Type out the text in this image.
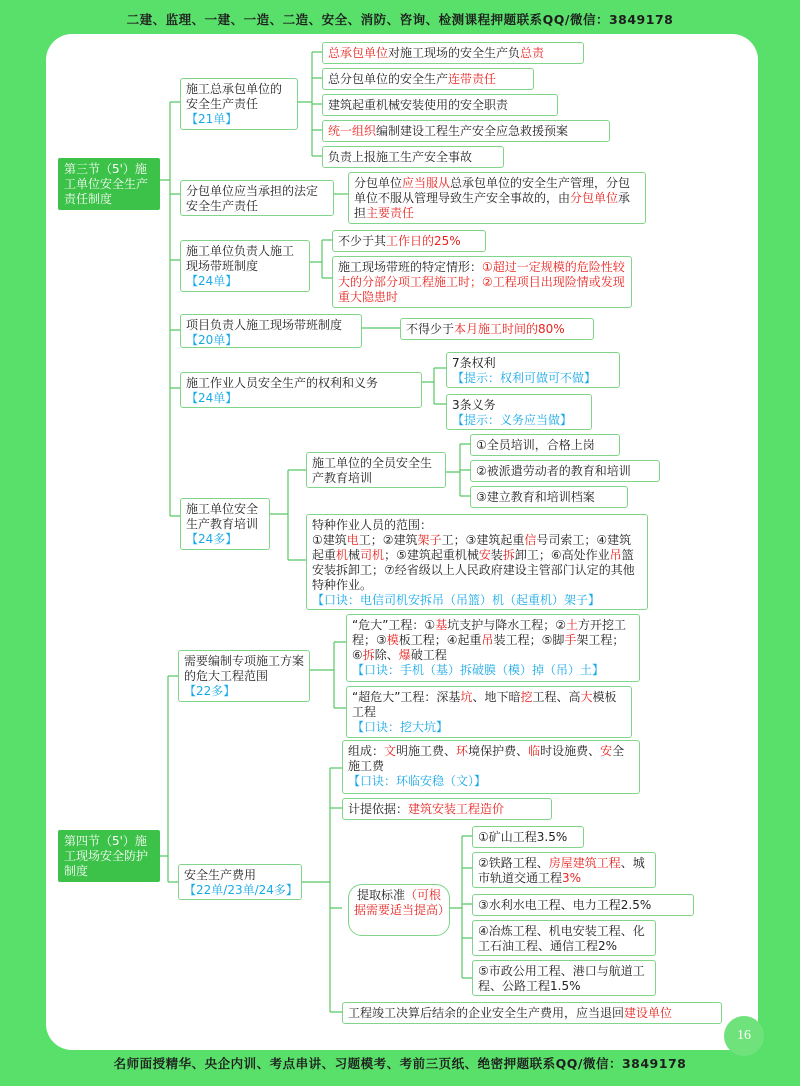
二建、监理、一建、一造、二造、安全、消防、咨询、检测课程押题联系QQ/微信：3849178
第三节（5'）施工单位安全生产责任制度
施工总承包单位的安全生产责任
【21单】
总承包单位对施工现场的安全生产负总责
总分包单位的安全生产连带责任
建筑起重机械安装使用的安全职责
统一组织编制建设工程生产安全应急救援预案
负责上报施工生产安全事故
分包单位应当承担的法定安全生产责任
分包单位应当服从总承包单位的安全生产管理，分包单位不服从管理导致生产安全事故的，由分包单位承担主要责任
施工单位负责人施工现场带班制度
【24单】
不少于其工作日的25%
施工现场带班的特定情形：①超过一定规模的危险性较大的分部分项工程施工时；②工程项目出现险情或发现重大隐患时
项目负责人施工现场带班制度
【20单】
不得少于本月施工时间的80%
施工作业人员安全生产的权利和义务
【24单】
7条权利
【提示：权利可做可不做】
3条义务
【提示：义务应当做】
施工单位安全生产教育培训
【24多】
施工单位的全员安全生产教育培训
①全员培训，合格上岗
②被派遣劳动者的教育和培训
③建立教育和培训档案
特种作业人员的范围：
①建筑电工；②建筑架子工；③建筑起重信号司索工；④建筑起重机械司机；⑤建筑起重机械安装拆卸工；⑥高处作业吊篮安装拆卸工；⑦经省级以上人民政府建设主管部门认定的其他特种作业。
【口诀：电信司机安拆吊（吊篮）机（起重机）架子】
第四节（5'）施工现场安全防护制度
需要编制专项施工方案的危大工程范围
【22多】
“危大”工程：①基坑支护与降水工程；②土方开挖工程；③模板工程；④起重吊装工程；⑤脚手架工程；⑥拆除、爆破工程
【口诀：手机（基）拆破膜（模）掉（吊）土】
“超危大”工程：深基坑、地下暗挖工程、高大模板工程
【口诀：挖大坑】
安全生产费用
【22单/23单/24多】
组成：文明施工费、环境保护费、临时设施费、安全施工费
【口诀：环临安稳（文）】
计提依据：建筑安装工程造价
提取标准（可根据需要适当提高）
①矿山工程3.5%
②铁路工程、房屋建筑工程、城市轨道交通工程3%
③水利水电工程、电力工程2.5%
④冶炼工程、机电安装工程、化工石油工程、通信工程2%
⑤市政公用工程、港口与航道工程、公路工程1.5%
工程竣工决算后结余的企业安全生产费用，应当退回建设单位
16
名师面授精华、央企内训、考点串讲、习题模考、考前三页纸、绝密押题联系QQ/微信：3849178
